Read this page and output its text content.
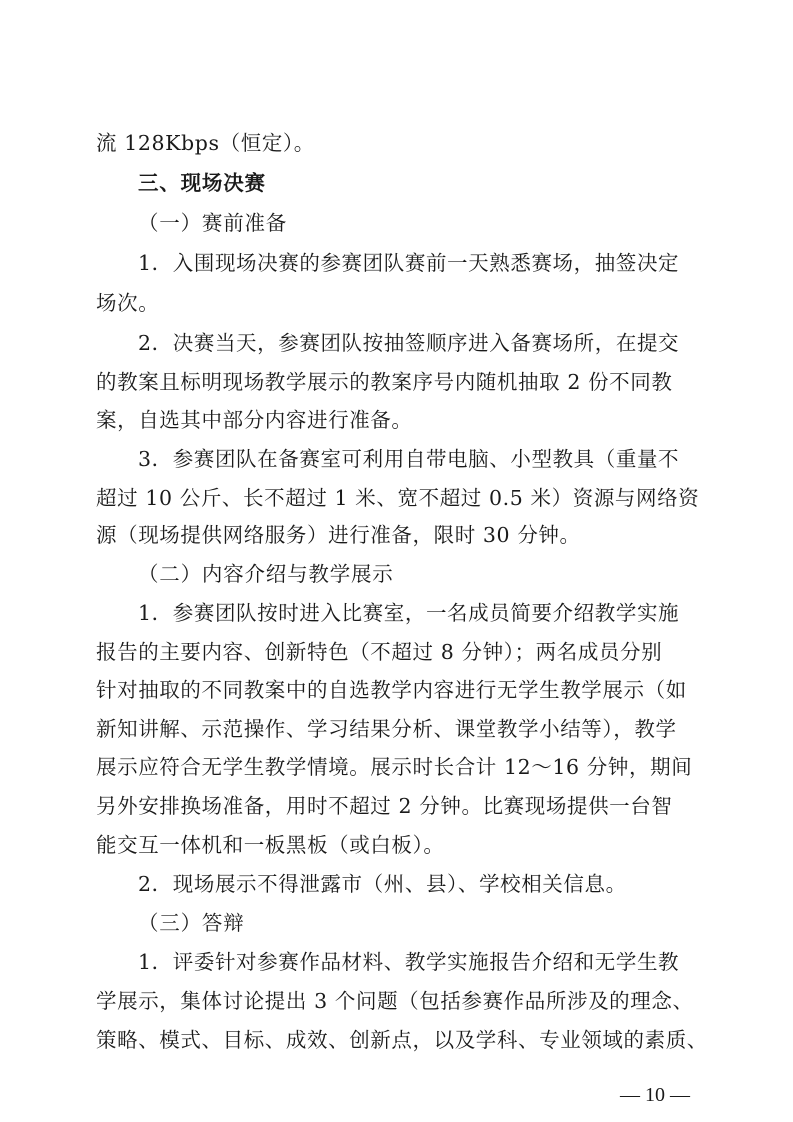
流 128Kbps（恒定）。
三、现场决赛
（一）赛前准备
1．入围现场决赛的参赛团队赛前一天熟悉赛场，抽签决定
场次。
2．决赛当天，参赛团队按抽签顺序进入备赛场所，在提交
的教案且标明现场教学展示的教案序号内随机抽取 2 份不同教
案，自选其中部分内容进行准备。
3．参赛团队在备赛室可利用自带电脑、小型教具（重量不
超过 10 公斤、长不超过 1 米、宽不超过 0.5 米）资源与网络资
源（现场提供网络服务）进行准备，限时 30 分钟。
（二）内容介绍与教学展示
1．参赛团队按时进入比赛室，一名成员简要介绍教学实施
报告的主要内容、创新特色（不超过 8 分钟）；两名成员分别
针对抽取的不同教案中的自选教学内容进行无学生教学展示（如
新知讲解、示范操作、学习结果分析、课堂教学小结等），教学
展示应符合无学生教学情境。展示时长合计 12～16 分钟，期间
另外安排换场准备，用时不超过 2 分钟。比赛现场提供一台智
能交互一体机和一板黑板（或白板）。
2．现场展示不得泄露市（州、县）、学校相关信息。
（三）答辩
1．评委针对参赛作品材料、教学实施报告介绍和无学生教
学展示，集体讨论提出 3 个问题（包括参赛作品所涉及的理念、
策略、模式、目标、成效、创新点，以及学科、专业领域的素质、
— 10 —
